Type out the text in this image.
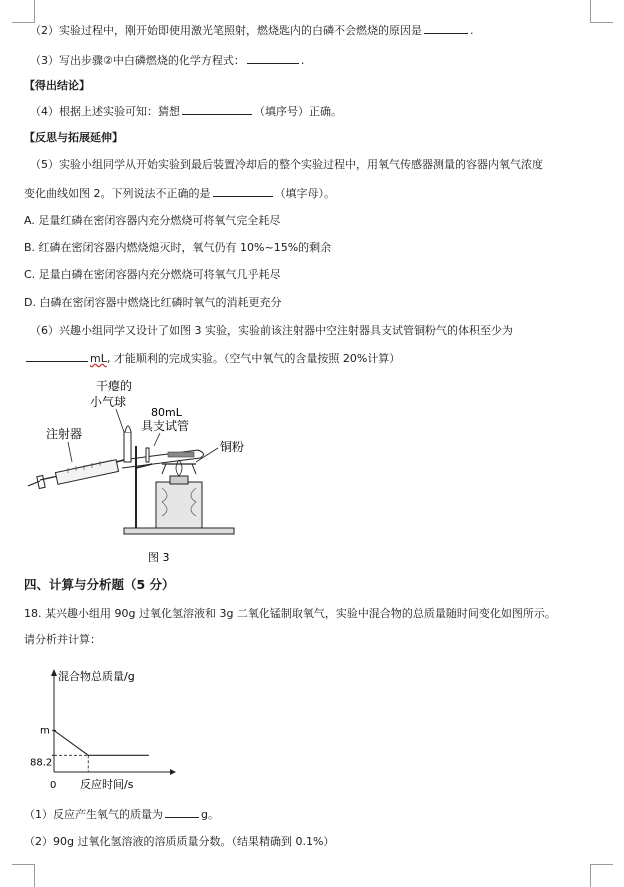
（2）实验过程中，刚开始即使用激光笔照射，燃烧匙内的白磷不会燃烧的原因是	.
（3）写出步骤②中白磷燃烧的化学方程式：	.
【得出结论】
（4）根据上述实验可知：猜想	（填序号）正确。
【反思与拓展延伸】
（5）实验小组同学从开始实验到最后装置冷却后的整个实验过程中，用氧气传感器测量的容器内氧气浓度
变化曲线如图 2。下列说法不正确的是	（填字母）。
A. 足量红磷在密闭容器内充分燃烧可将氧气完全耗尽
B. 红磷在密闭容器内燃烧熄灭时，氧气仍有 10%~15%的剩余
C. 足量白磷在密闭容器内充分燃烧可将氧气几乎耗尽
D. 白磷在密闭容器中燃烧比红磷时氧气的消耗更充分
（6）兴趣小组同学又设计了如图 3 实验，实验前该注射器中空注射器具支试管铜粉气的体积至少为
mL, 才能顺利的完成实验。（空气中氧气的含量按照 20%计算）
干瘪的
小气球
80mL
具支试管
注射器
铜粉
图 3
四、计算与分析题（5 分）
18. 某兴趣小组用 90g 过氧化氢溶液和 3g 二氧化锰制取氧气，实验中混合物的总质量随时间变化如图所示。
请分析并计算：
混合物总质量/g
反应时间/s
0
m
88.2
（1）反应产生氧气的质量为	g。
（2）90g 过氧化氢溶液的溶质质量分数。（结果精确到 0.1%）
